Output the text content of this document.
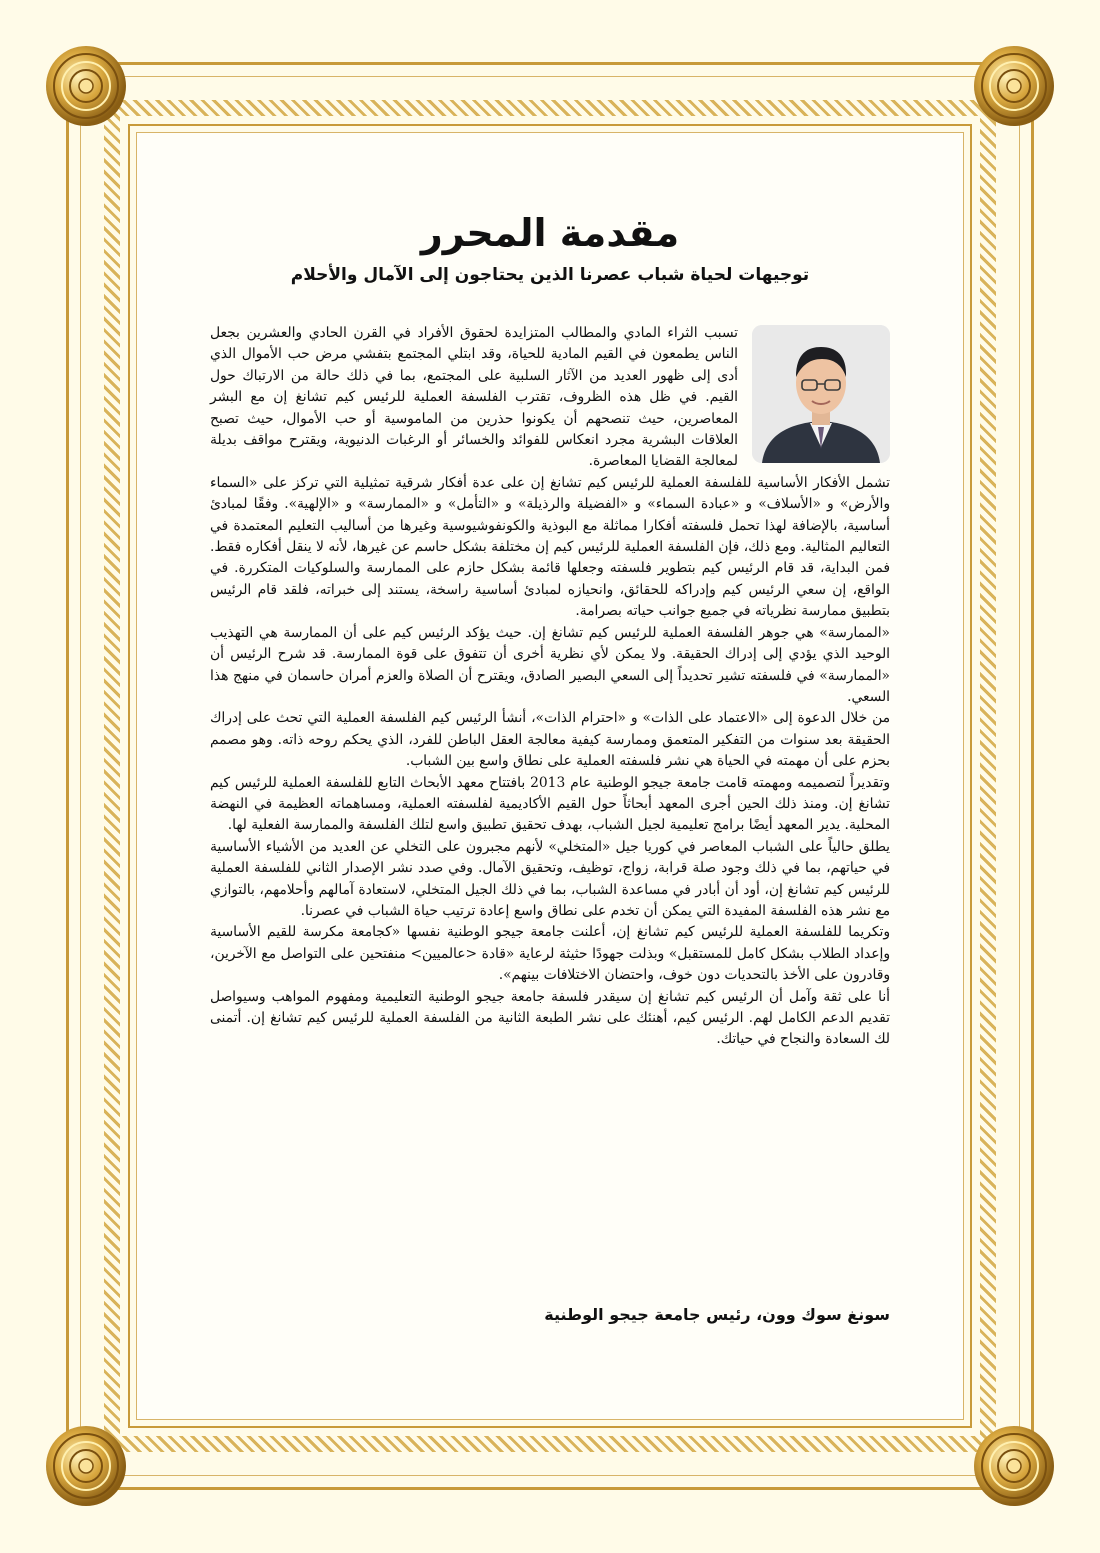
مقدمة المحرر
توجيهات لحياة شباب عصرنا الذين يحتاجون إلى الآمال والأحلام

تسبب الثراء المادي والمطالب المتزايدة لحقوق الأفراد في القرن الحادي والعشرين بجعل الناس يطمعون في القيم المادية للحياة، وقد ابتلي المجتمع بتفشي مرض حب الأموال الذي أدى إلى ظهور العديد من الآثار السلبية على المجتمع، بما في ذلك حالة من الارتباك حول القيم. في ظل هذه الظروف، تقترب الفلسفة العملية للرئيس كيم تشانغ إن مع البشر المعاصرين، حيث تنصحهم أن يكونوا حذرين من الماموسية أو حب الأموال، حيث تصبح العلاقات البشرية مجرد انعكاس للفوائد والخسائر أو الرغبات الدنيوية، ويقترح مواقف بديلة لمعالجة القضايا المعاصرة.

تشمل الأفكار الأساسية للفلسفة العملية للرئيس كيم تشانغ إن على عدة أفكار شرقية تمثيلية التي تركز على «السماء والأرض» و «الأسلاف» و «عبادة السماء» و «الفضيلة والرذيلة» و «التأمل» و «الممارسة» و «الإلهية». وفقًا لمبادئ أساسية، بالإضافة لهذا تحمل فلسفته أفكارا مماثلة مع البوذية والكونفوشيوسية وغيرها من أساليب التعليم المعتمدة في التعاليم المثالية. ومع ذلك، فإن الفلسفة العملية للرئيس كيم إن مختلفة بشكل حاسم عن غيرها، لأنه لا ينقل أفكاره فقط. فمن البداية، قد قام الرئيس كيم بتطوير فلسفته وجعلها قائمة بشكل حازم على الممارسة والسلوكيات المتكررة. في الواقع، إن سعي الرئيس كيم وإدراكه للحقائق، وانحيازه لمبادئ أساسية راسخة، يستند إلى خبراته، فلقد قام الرئيس بتطبيق ممارسة نظرياته في جميع جوانب حياته بصرامة.

«الممارسة» هي جوهر الفلسفة العملية للرئيس كيم تشانغ إن. حيث يؤكد الرئيس كيم على أن الممارسة هي التهذيب الوحيد الذي يؤدي إلى إدراك الحقيقة. ولا يمكن لأي نظرية أخرى أن تتفوق على قوة الممارسة. قد شرح الرئيس أن «الممارسة» في فلسفته تشير تحديداً إلى السعي البصير الصادق، ويقترح أن الصلاة والعزم أمران حاسمان في منهج هذا السعي.

من خلال الدعوة إلى «الاعتماد على الذات» و «احترام الذات»، أنشأ الرئيس كيم الفلسفة العملية التي تحث على إدراك الحقيقة بعد سنوات من التفكير المتعمق وممارسة كيفية معالجة العقل الباطن للفرد، الذي يحكم روحه ذاته. وهو مصمم بحزم على أن مهمته في الحياة هي نشر فلسفته العملية على نطاق واسع بين الشباب.

وتقديراً لتصميمه ومهمته قامت جامعة جيجو الوطنية عام 2013 بافتتاح معهد الأبحاث التابع للفلسفة العملية للرئيس كيم تشانغ إن. ومنذ ذلك الحين أجرى المعهد أبحاثاً حول القيم الأكاديمية لفلسفته العملية، ومساهماته العظيمة في النهضة المحلية. يدير المعهد أيضًا برامج تعليمية لجيل الشباب، بهدف تحقيق تطبيق واسع لتلك الفلسفة والممارسة الفعلية لها.

يطلق حالياً على الشباب المعاصر في كوريا جيل «المتخلي» لأنهم مجبرون على التخلي عن العديد من الأشياء الأساسية في حياتهم، بما في ذلك وجود صلة قرابة، زواج، توظيف، وتحقيق الآمال. وفي صدد نشر الإصدار الثاني للفلسفة العملية للرئيس كيم تشانغ إن، أود أن أبادر في مساعدة الشباب، بما في ذلك الجيل المتخلي، لاستعادة آمالهم وأحلامهم، بالتوازي مع نشر هذه الفلسفة المفيدة التي يمكن أن تخدم على نطاق واسع إعادة ترتيب حياة الشباب في عصرنا.

وتكريما للفلسفة العملية للرئيس كيم تشانغ إن، أعلنت جامعة جيجو الوطنية نفسها «كجامعة مكرسة للقيم الأساسية وإعداد الطلاب بشكل كامل للمستقبل» وبذلت جهودًا حثيثة لرعاية «قادة <عالميين> منفتحين على التواصل مع الآخرين، وقادرون على الأخذ بالتحديات دون خوف، واحتضان الاختلافات بينهم».

أنا على ثقة وآمل أن الرئيس كيم تشانغ إن سيقدر فلسفة جامعة جيجو الوطنية التعليمية ومفهوم المواهب وسيواصل تقديم الدعم الكامل لهم. الرئيس كيم، أهنئك على نشر الطبعة الثانية من الفلسفة العملية للرئيس كيم تشانغ إن. أتمنى لك السعادة والنجاح في حياتك.

سونغ سوك وون، رئيس جامعة جيجو الوطنية
